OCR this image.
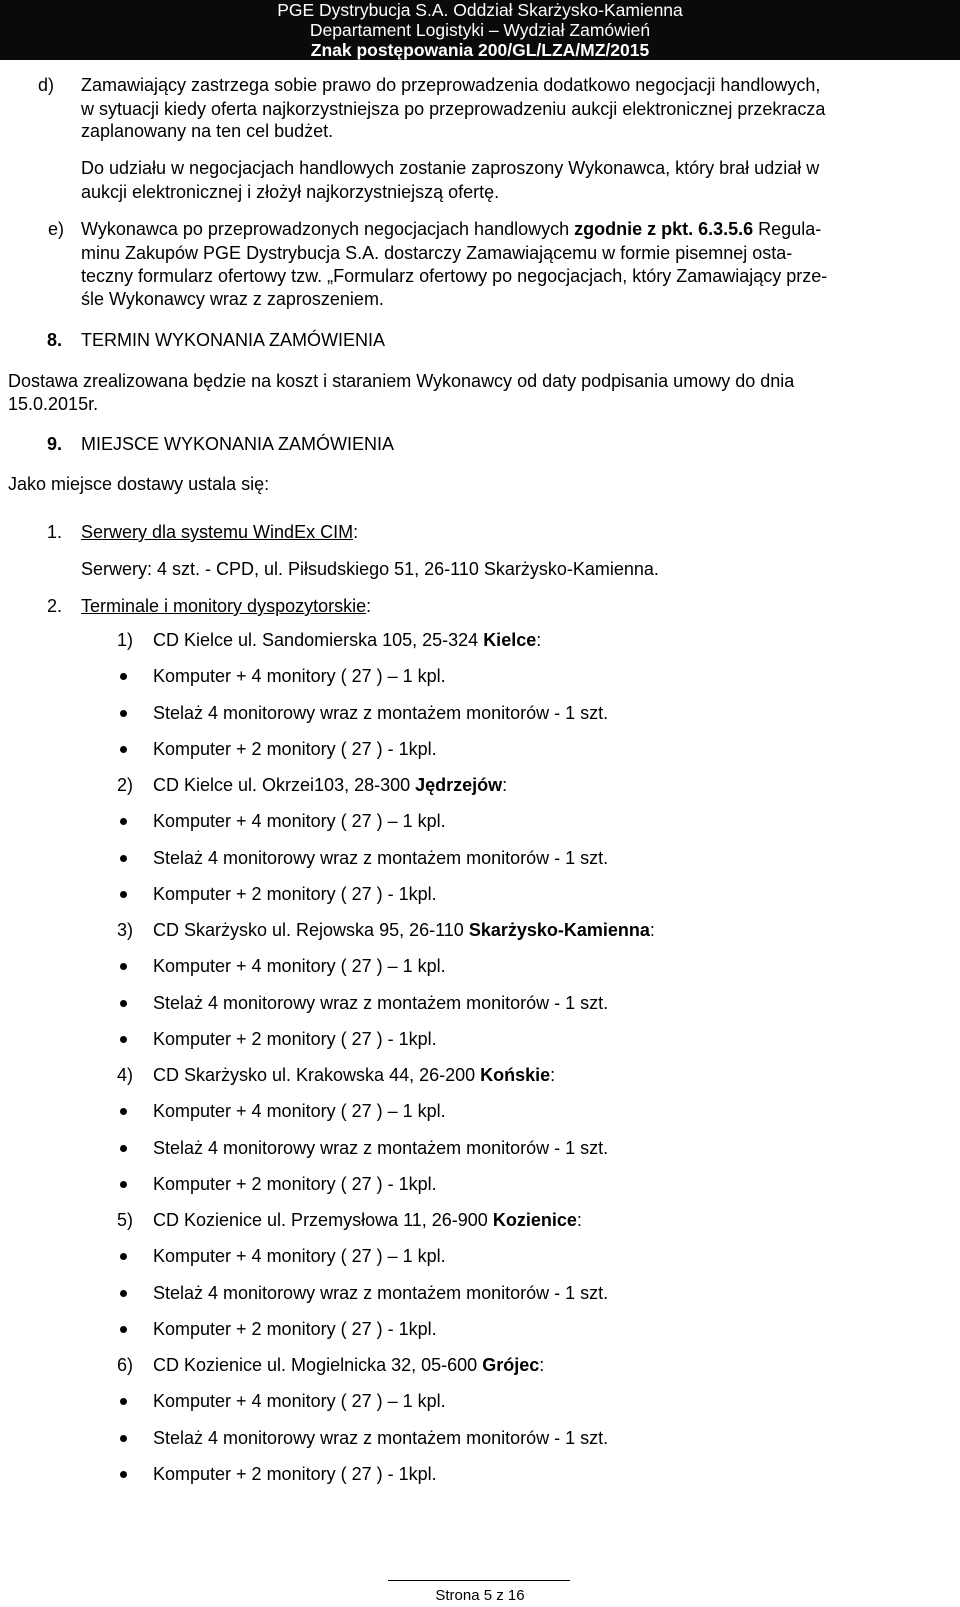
PGE Dystrybucja S.A. Oddział Skarżysko-Kamienna
Departament Logistyki – Wydział Zamówień
Znak postępowania 200/GL/LZA/MZ/2015
d) Zamawiający zastrzega sobie prawo do przeprowadzenia dodatkowo negocjacji handlowych,
w sytuacji kiedy oferta najkorzystniejsza po przeprowadzeniu aukcji elektronicznej przekracza
zaplanowany na ten cel budżet.
Do udziału w negocjacjach handlowych zostanie zaproszony Wykonawca, który brał udział w
aukcji elektronicznej i złożył najkorzystniejszą ofertę.
e) Wykonawca po przeprowadzonych negocjacjach handlowych zgodnie z pkt. 6.3.5.6 Regula-
minu Zakupów PGE Dystrybucja S.A. dostarczy Zamawiającemu w formie pisemnej osta-
teczny formularz ofertowy tzw. „Formularz ofertowy po negocjacjach, który Zamawiający prze-
śle Wykonawcy wraz z zaproszeniem.
8. TERMIN WYKONANIA ZAMÓWIENIA
Dostawa zrealizowana będzie na koszt i staraniem Wykonawcy od daty podpisania umowy do dnia
15.0.2015r.
9. MIEJSCE WYKONANIA ZAMÓWIENIA
Jako miejsce dostawy ustala się:
1. Serwery dla systemu WindEx CIM:
Serwery: 4 szt. - CPD, ul. Piłsudskiego 51, 26-110 Skarżysko-Kamienna.
2. Terminale i monitory dyspozytorskie:
1) CD Kielce ul. Sandomierska 105, 25-324 Kielce:
Komputer + 4 monitory ( 27 ) – 1 kpl.
Stelaż 4 monitorowy wraz z montażem monitorów - 1 szt.
Komputer + 2 monitory ( 27 ) - 1kpl.
2) CD Kielce ul. Okrzei103, 28-300 Jędrzejów:
Komputer + 4 monitory ( 27 ) – 1 kpl.
Stelaż 4 monitorowy wraz z montażem monitorów - 1 szt.
Komputer + 2 monitory ( 27 ) - 1kpl.
3) CD Skarżysko ul. Rejowska 95, 26-110 Skarżysko-Kamienna:
Komputer + 4 monitory ( 27 ) – 1 kpl.
Stelaż 4 monitorowy wraz z montażem monitorów - 1 szt.
Komputer + 2 monitory ( 27 ) - 1kpl.
4) CD Skarżysko ul. Krakowska 44, 26-200 Końskie:
Komputer + 4 monitory ( 27 ) – 1 kpl.
Stelaż 4 monitorowy wraz z montażem monitorów - 1 szt.
Komputer + 2 monitory ( 27 ) - 1kpl.
5) CD Kozienice ul. Przemysłowa 11, 26-900 Kozienice:
Komputer + 4 monitory ( 27 ) – 1 kpl.
Stelaż 4 monitorowy wraz z montażem monitorów - 1 szt.
Komputer + 2 monitory ( 27 ) - 1kpl.
6) CD Kozienice ul. Mogielnicka 32, 05-600 Grójec:
Komputer + 4 monitory ( 27 ) – 1 kpl.
Stelaż 4 monitorowy wraz z montażem monitorów - 1 szt.
Komputer + 2 monitory ( 27 ) - 1kpl.
Strona 5 z 16
